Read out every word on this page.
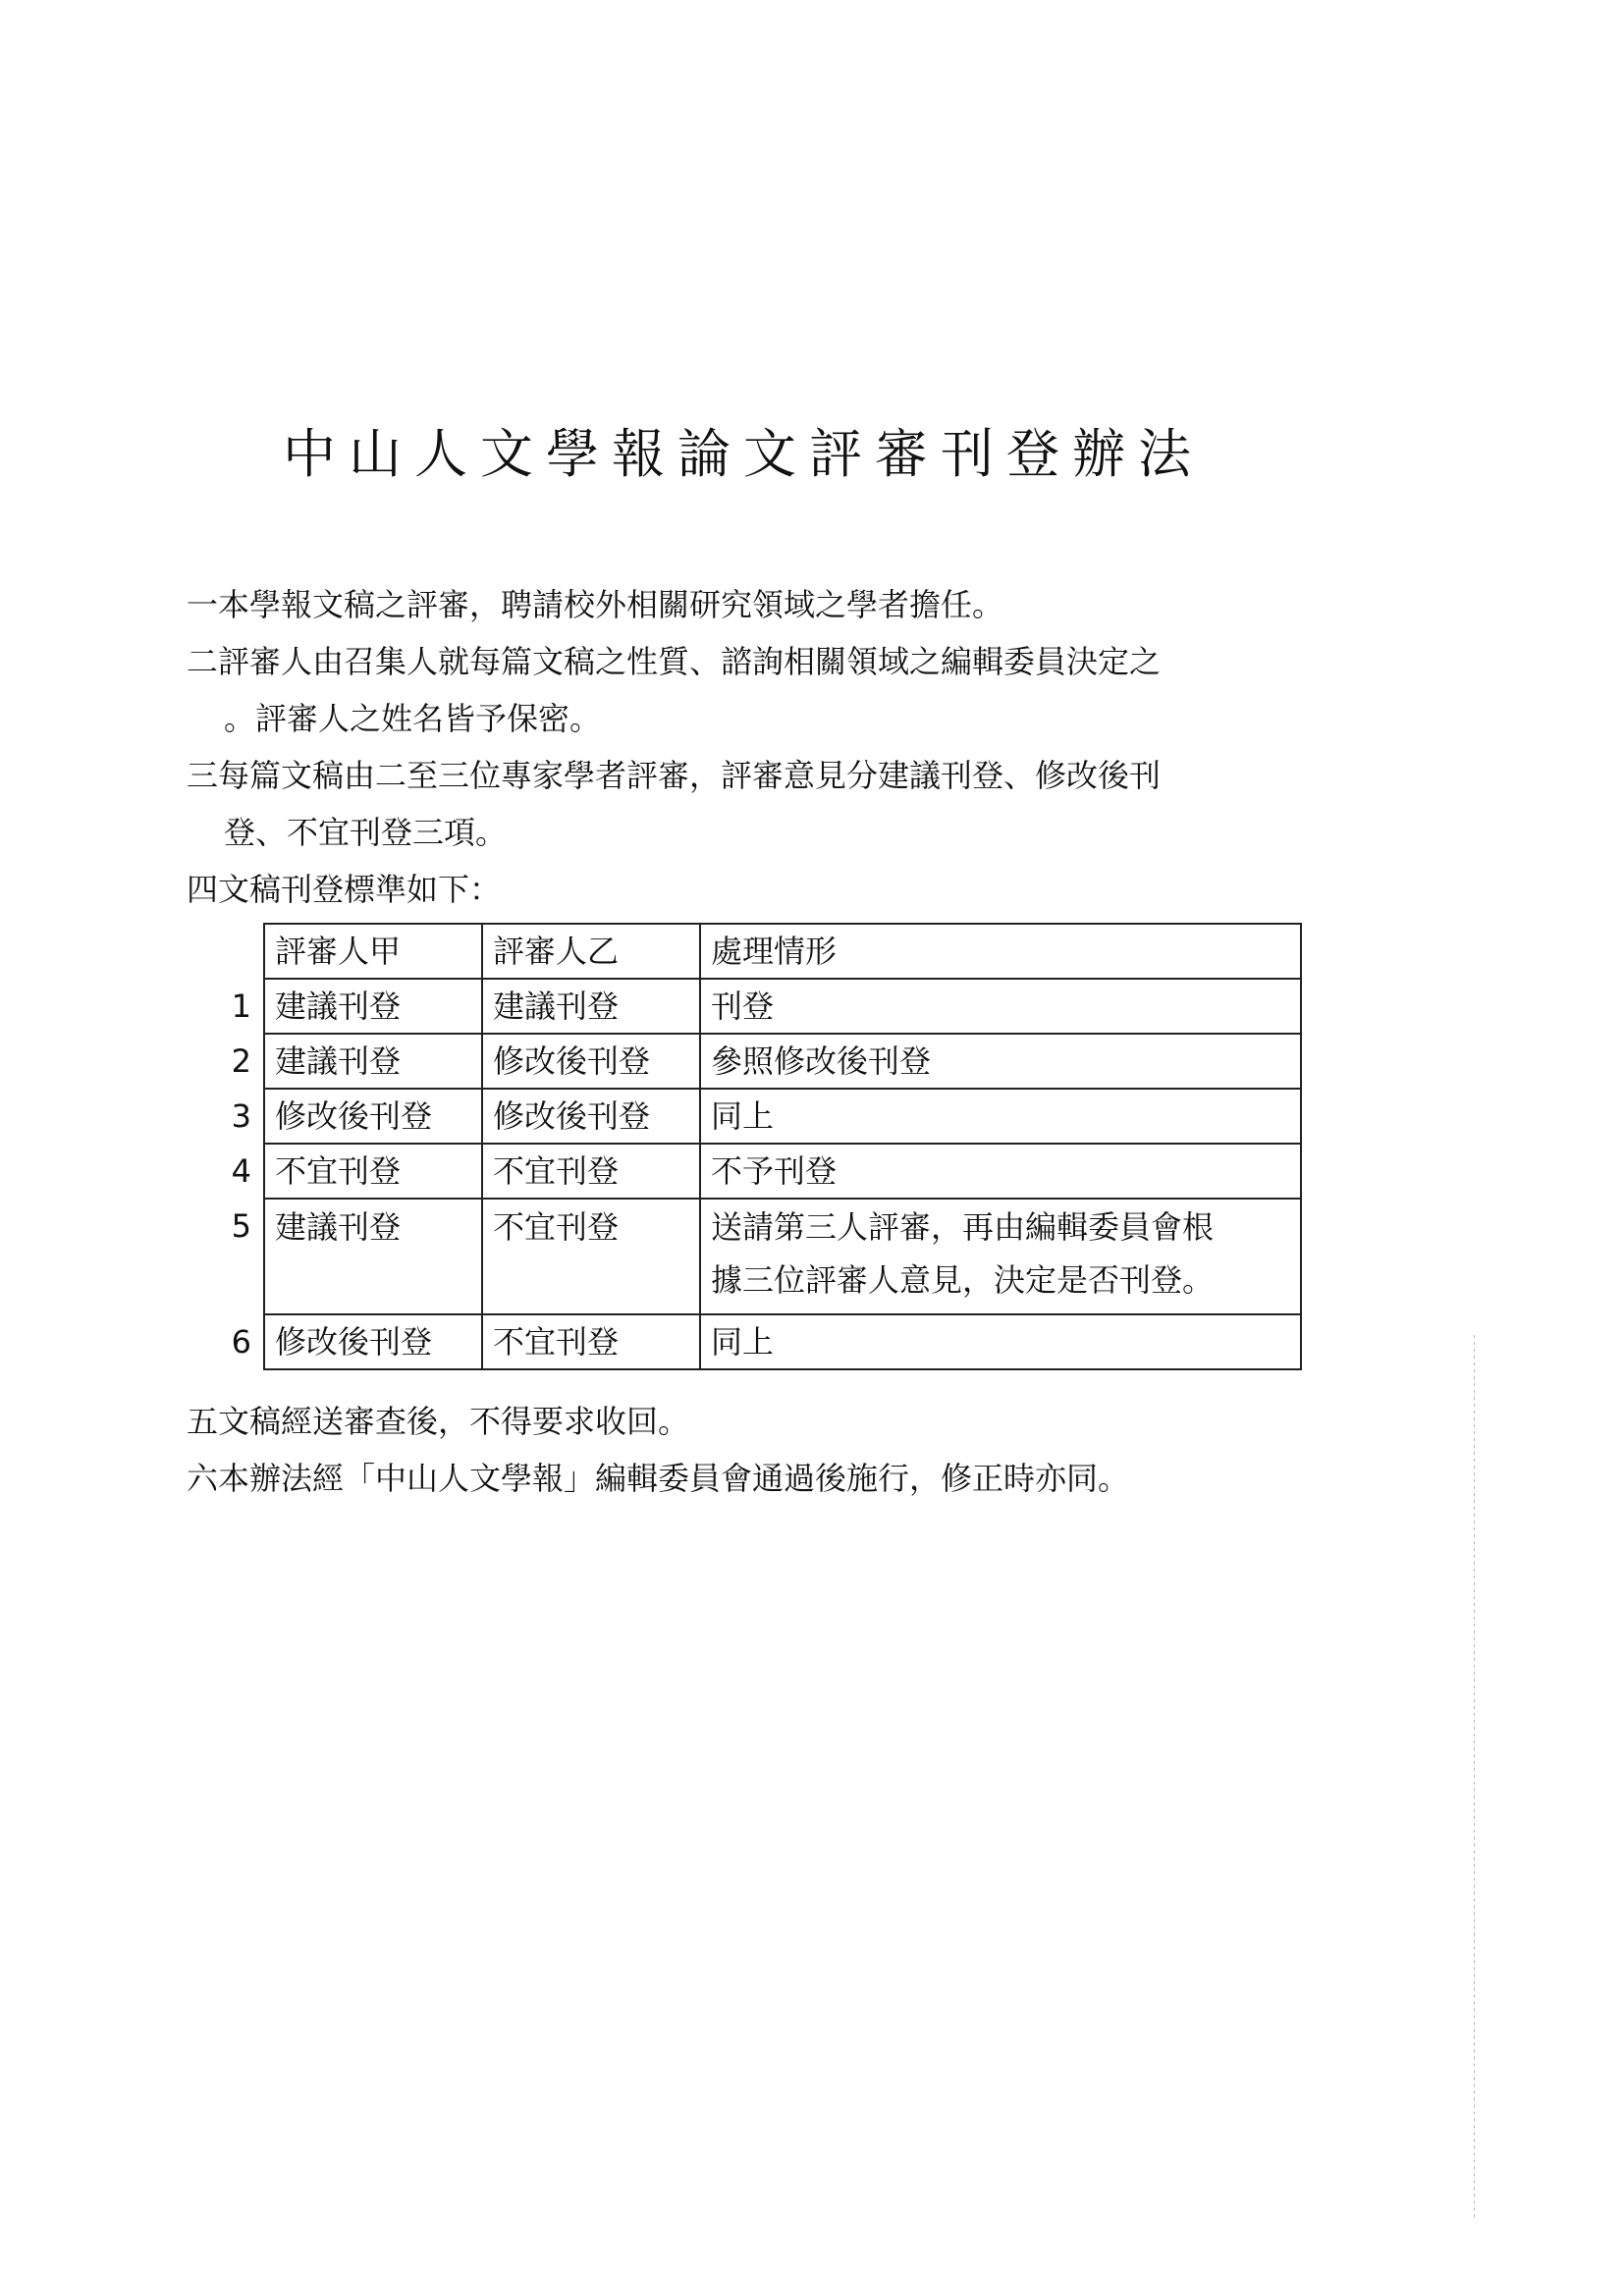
中山人文學報論文評審刊登辦法
一本學報文稿之評審，聘請校外相關研究領域之學者擔任。
二評審人由召集人就每篇文稿之性質、諮詢相關領域之編輯委員決定之
。評審人之姓名皆予保密。
三每篇文稿由二至三位專家學者評審，評審意見分建議刊登、修改後刊
登、不宜刊登三項。
四文稿刊登標準如下：
	評審人甲	評審人乙	處理情形
1	建議刊登	建議刊登	刊登
2	建議刊登	修改後刊登	參照修改後刊登
3	修改後刊登	修改後刊登	同上
4	不宜刊登	不宜刊登	不予刊登
5	建議刊登	不宜刊登	送請第三人評審，再由編輯委員會根
據三位評審人意見，決定是否刊登。

6	修改後刊登	不宜刊登	同上
五文稿經送審查後，不得要求收回。
六本辦法經「中山人文學報」編輯委員會通過後施行，修正時亦同。
